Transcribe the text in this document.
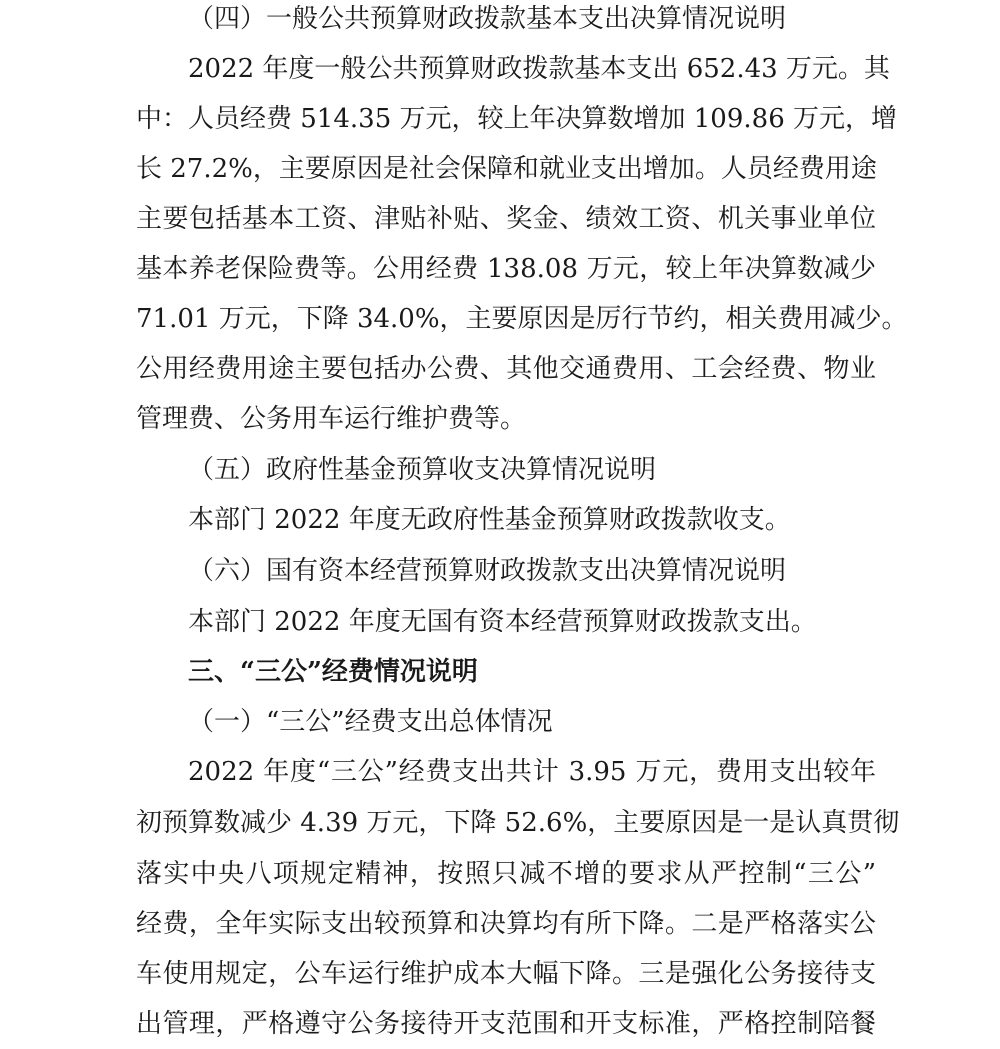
（四）一般公共预算财政拨款基本支出决算情况说明
2022 年度一般公共预算财政拨款基本支出 652.43 万元。其
中：人员经费 514.35 万元，较上年决算数增加 109.86 万元，增
长 27.2%，主要原因是社会保障和就业支出增加。人员经费用途
主要包括基本工资、津贴补贴、奖金、绩效工资、机关事业单位
基本养老保险费等。公用经费 138.08 万元，较上年决算数减少
71.01 万元，下降 34.0%，主要原因是厉行节约，相关费用减少。
公用经费用途主要包括办公费、其他交通费用、工会经费、物业
管理费、公务用车运行维护费等。
（五）政府性基金预算收支决算情况说明
本部门 2022 年度无政府性基金预算财政拨款收支。
（六）国有资本经营预算财政拨款支出决算情况说明
本部门 2022 年度无国有资本经营预算财政拨款支出。
三、“三公”经费情况说明
（一）“三公”经费支出总体情况
2022 年度“三公”经费支出共计 3.95 万元，费用支出较年
初预算数减少 4.39 万元，下降 52.6%，主要原因是一是认真贯彻
落实中央八项规定精神，按照只减不增的要求从严控制“三公”
经费，全年实际支出较预算和决算均有所下降。二是严格落实公
车使用规定，公车运行维护成本大幅下降。三是强化公务接待支
出管理，严格遵守公务接待开支范围和开支标准，严格控制陪餐
